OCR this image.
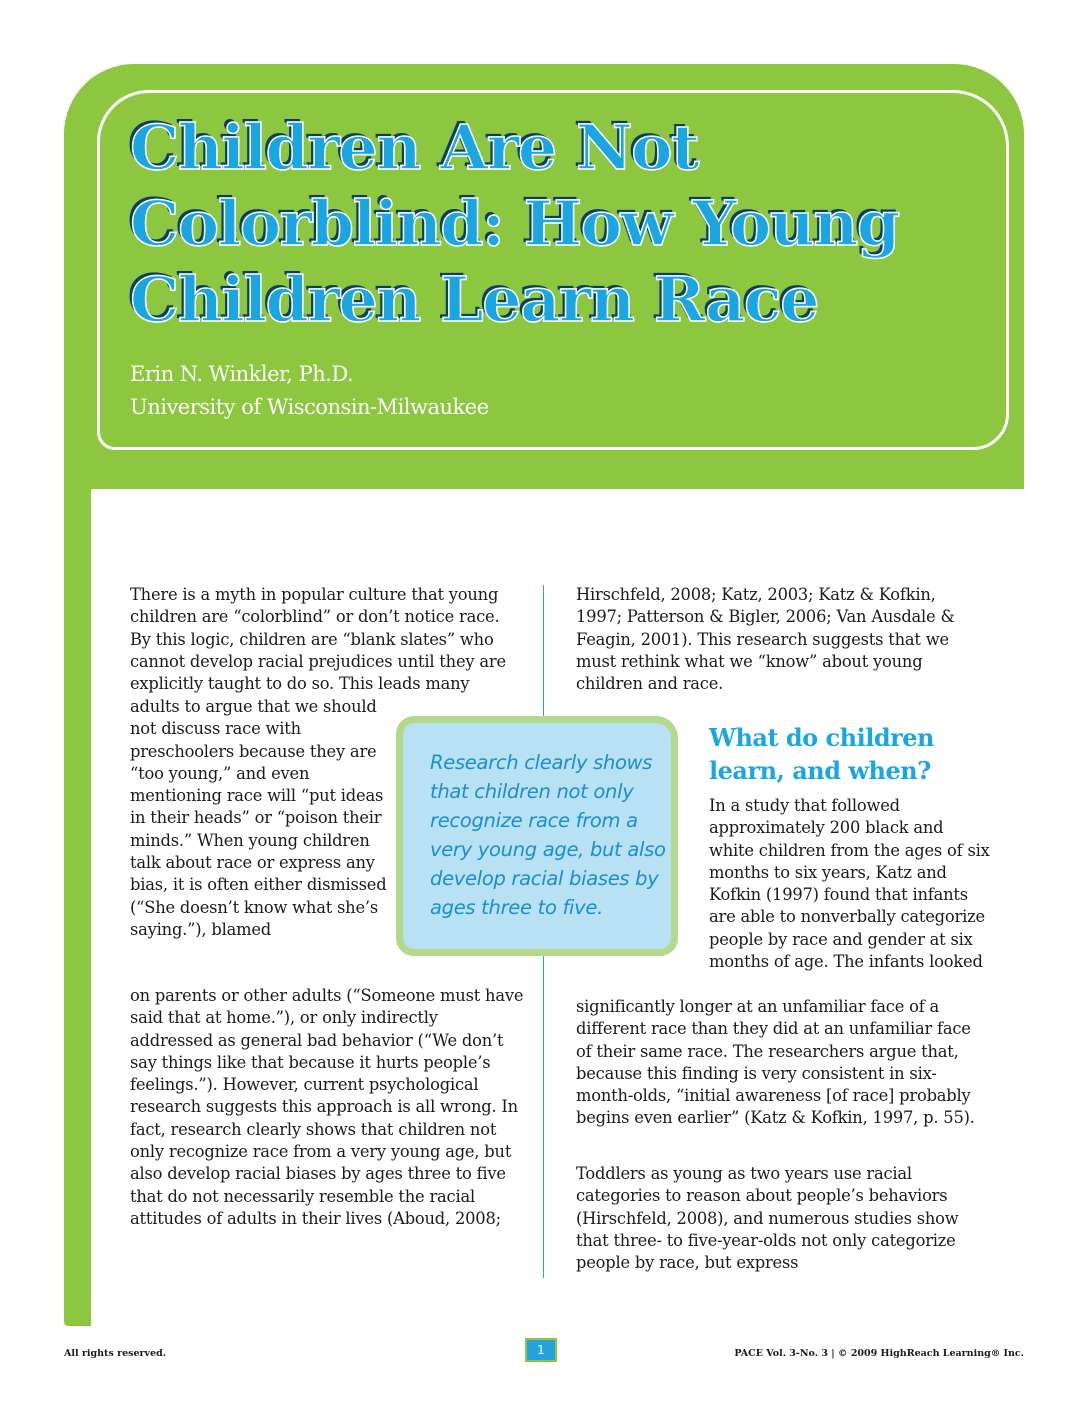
Children Are Not Colorblind: How Young Children Learn Race
Erin N. Winkler, Ph.D.
University of Wisconsin-Milwaukee

There is a myth in popular culture that young children are “colorblind” or don’t notice race. By this logic, children are “blank slates” who cannot develop racial prejudices until they are explicitly taught to do so. This leads many

adults to argue that we should not discuss race with preschoolers because they are “too young,” and even mentioning race will “put ideas in their heads” or “poison their minds.” When young children talk about race or express any bias, it is often either dismissed (“She doesn’t know what she’s saying.”), blamed

on parents or other adults (“Someone must have said that at home.”), or only indirectly addressed as general bad behavior (“We don’t say things like that because it hurts people’s feelings.”). However, current psychological research suggests this approach is all wrong. In fact, research clearly shows that children not only recognize race from a very young age, but also develop racial biases by ages three to five that do not necessarily resemble the racial attitudes of adults in their lives (Aboud, 2008;

Research clearly shows that children not only recognize race from a very young age, but also develop racial biases by ages three to five.

Hirschfeld, 2008; Katz, 2003; Katz & Kofkin, 1997; Patterson & Bigler, 2006; Van Ausdale & Feagin, 2001). This research suggests that we must rethink what we “know” about young children and race.

What do children learn, and when?

In a study that followed approximately 200 black and white children from the ages of six months to six years, Katz and Kofkin (1997) found that infants are able to nonverbally categorize people by race and gender at six months of age. The infants looked

significantly longer at an unfamiliar face of a different race than they did at an unfamiliar face of their same race. The researchers argue that, because this finding is very consistent in six-month-olds, “initial awareness [of race] probably begins even earlier” (Katz & Kofkin, 1997, p. 55).

Toddlers as young as two years use racial categories to reason about people’s behaviors (Hirschfeld, 2008), and numerous studies show that three- to five-year-olds not only categorize people by race, but express

All rights reserved.	1	PACE Vol. 3-No. 3 | © 2009 HighReach Learning® Inc.
